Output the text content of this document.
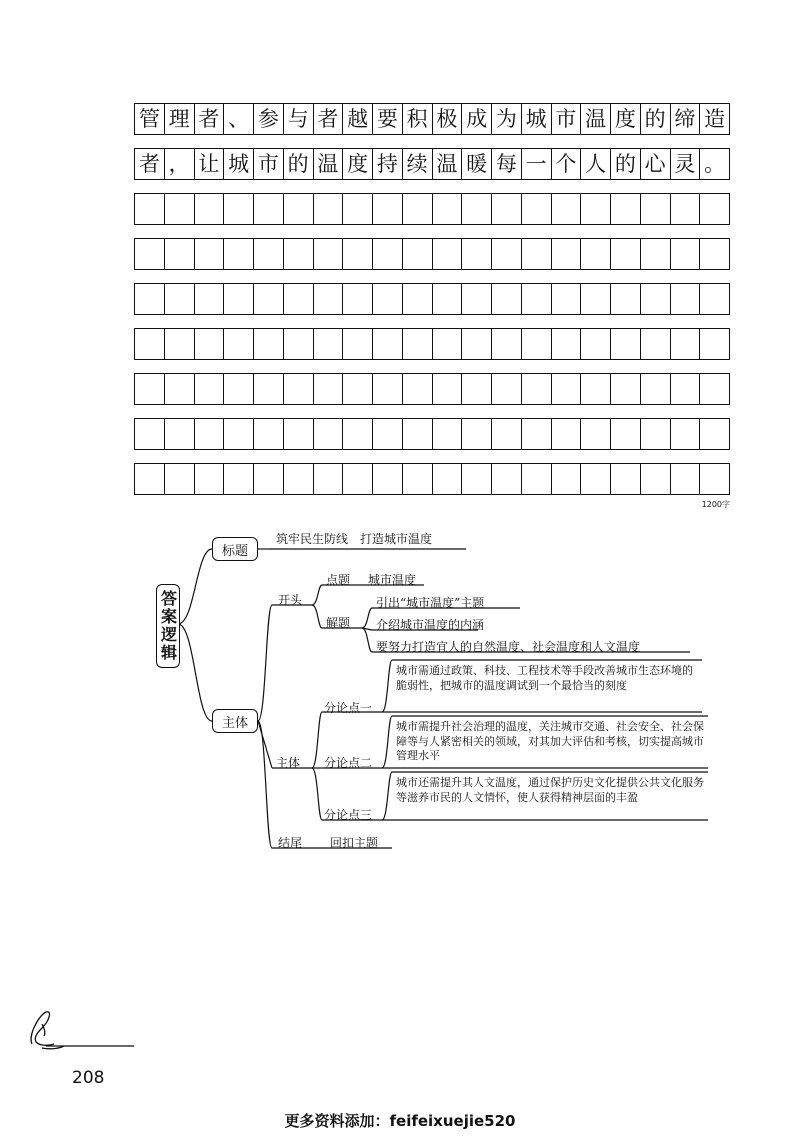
管 理 者 、 参 与 者 越 要 积 极 成 为 城 市 温 度 的 缔 造
者 ， 让 城 市 的 温 度 持 续 温 暖 每 一 个 人 的 心 灵 。
1200字
答案逻辑
标题
筑牢民生防线　打造城市温度
主体
开头
点题 城市温度
解题
引出“城市温度”主题
介绍城市温度的内涵
要努力打造宜人的自然温度、社会温度和人文温度
主体
分论点一
城市需通过政策、科技、工程技术等手段改善城市生态环境的脆弱性，把城市的温度调试到一个最恰当的刻度
分论点二
城市需提升社会治理的温度，关注城市交通、社会安全、社会保障等与人紧密相关的领域，对其加大评估和考核，切实提高城市管理水平
分论点三
城市还需提升其人文温度，通过保护历史文化提供公共文化服务等滋养市民的人文情怀，使人获得精神层面的丰盈
结尾 回扣主题
208
更多资料添加：feifeixuejie520
